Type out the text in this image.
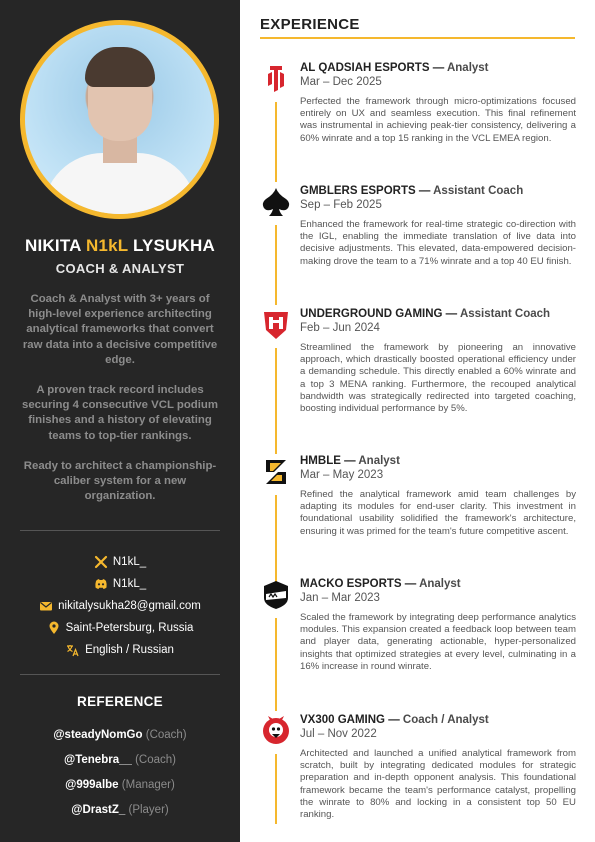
NIKITA N1kL LYSUKHA
COACH & ANALYST

Coach & Analyst with 3+ years of high-level experience architecting analytical frameworks that convert raw data into a decisive competitive edge.

A proven track record includes securing 4 consecutive VCL podium finishes and a history of elevating teams to top-tier rankings.

Ready to architect a championship-caliber system for a new organization.

N1kL_
N1kL_
nikitalysukha28@gmail.com
Saint-Petersburg, Russia
English / Russian
REFERENCE
@steadyNomGo (Coach)
@Tenebra__ (Coach)
@999albe (Manager)
@DrastZ_ (Player)
EXPERIENCE
AL QADSIAH ESPORTS — Analyst
Mar – Dec 2025
Perfected the framework through micro-optimizations focused entirely on UX and seamless execution. This final refinement was instrumental in achieving peak-tier consistency, delivering a 60% winrate and a top 15 ranking in the VCL EMEA region.
GMBLERS ESPORTS — Assistant Coach
Sep – Feb 2025
Enhanced the framework for real-time strategic co-direction with the IGL, enabling the immediate translation of live data into decisive adjustments. This elevated, data-empowered decision-making drove the team to a 71% winrate and a top 40 EU finish.
UNDERGROUND GAMING — Assistant Coach
Feb – Jun 2024
Streamlined the framework by pioneering an innovative approach, which drastically boosted operational efficiency under a demanding schedule. This directly enabled a 60% winrate and a top 3 MENA ranking. Furthermore, the recouped analytical bandwidth was strategically redirected into targeted coaching, boosting individual performance by 5%.
HMBLE — Analyst
Mar – May 2023
Refined the analytical framework amid team challenges by adapting its modules for end-user clarity. This investment in foundational usability solidified the framework's architecture, ensuring it was primed for the team's future competitive ascent.
MACKO ESPORTS — Analyst
Jan – Mar 2023
Scaled the framework by integrating deep performance analytics modules. This expansion created a feedback loop between team and player data, generating actionable, hyper-personalized insights that optimized strategies at every level, culminating in a 16% increase in round winrate.
VX300 GAMING — Coach / Analyst
Jul – Nov 2022
Architected and launched a unified analytical framework from scratch, built by integrating dedicated modules for strategic preparation and in-depth opponent analysis. This foundational framework became the team's performance catalyst, propelling the winrate to 80% and locking in a consistent top 50 EU ranking.
